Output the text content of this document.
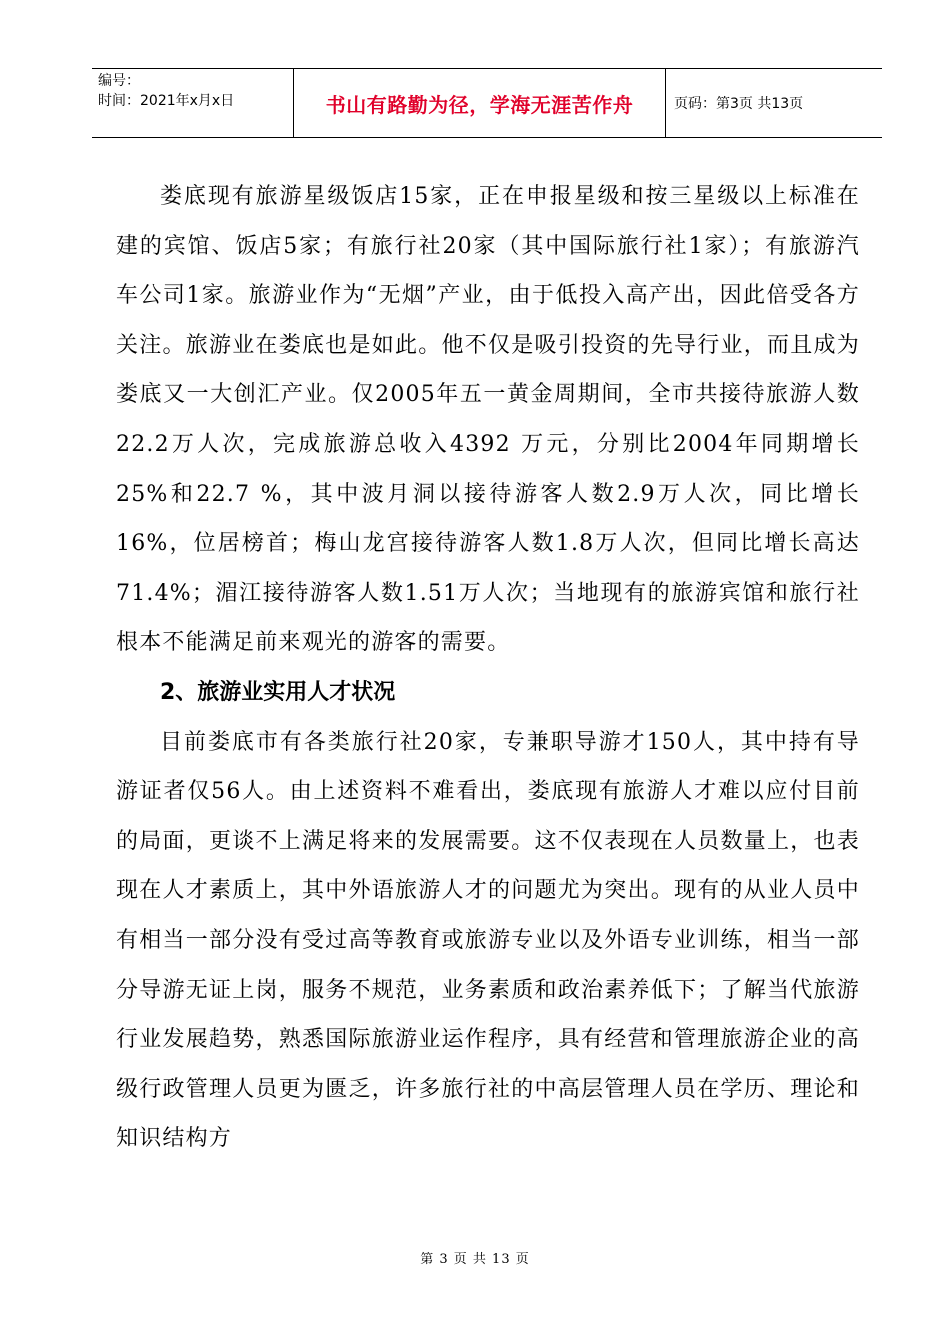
编号：
时间：2021年x月x日	书山有路勤为径，学海无涯苦作舟	页码：第3页 共13页

娄底现有旅游星级饭店15家，正在申报星级和按三星级以上标准在建的宾馆、饭店5家；有旅行社20家（其中国际旅行社1家）；有旅游汽车公司1家。旅游业作为“无烟”产业，由于低投入高产出，因此倍受各方关注。旅游业在娄底也是如此。他不仅是吸引投资的先导行业，而且成为娄底又一大创汇产业。仅2005年五一黄金周期间，全市共接待旅游人数22.2万人次，完成旅游总收入4392 万元，分别比2004年同期增长25%和22.7 %，其中波月洞以接待游客人数2.9万人次，同比增长16%，位居榜首；梅山龙宫接待游客人数1.8万人次，但同比增长高达71.4%；湄江接待游客人数1.51万人次；当地现有的旅游宾馆和旅行社根本不能满足前来观光的游客的需要。

2、旅游业实用人才状况

目前娄底市有各类旅行社20家，专兼职导游才150人，其中持有导游证者仅56人。由上述资料不难看出，娄底现有旅游人才难以应付目前的局面，更谈不上满足将来的发展需要。这不仅表现在人员数量上，也表现在人才素质上，其中外语旅游人才的问题尤为突出。现有的从业人员中有相当一部分没有受过高等教育或旅游专业以及外语专业训练，相当一部分导游无证上岗，服务不规范，业务素质和政治素养低下；了解当代旅游行业发展趋势，熟悉国际旅游业运作程序，具有经营和管理旅游企业的高级行政管理人员更为匮乏，许多旅行社的中高层管理人员在学历、理论和知识结构方

第 3 页 共 13 页
